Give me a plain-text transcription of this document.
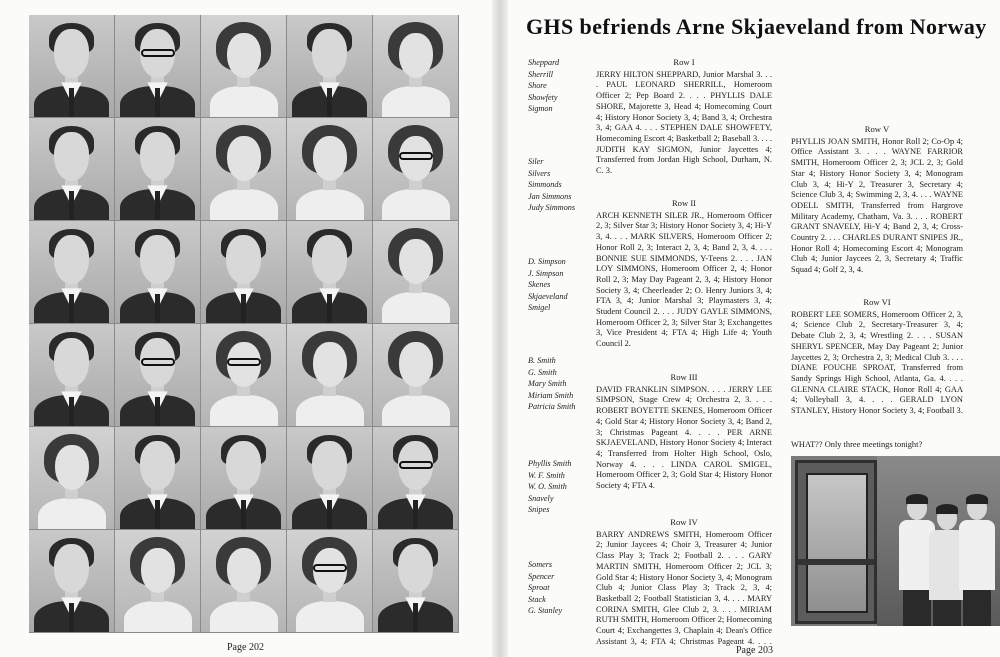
Page 202
GHS befriends Arne Skjaeveland from Norway
Sheppard
Sherrill
Shore
Showfety
Sigmon
Siler
Silvers
Simmonds
Jan Simmons
Judy Simmons
D. Simpson
J. Simpson
Skenes
Skjaeveland
Smigel
B. Smith
G. Smith
Mary Smith
Miriam Smith
Patricia Smith
Phyllis Smith
W. F. Smith
W. O. Smith
Snavely
Snipes
Somers
Spencer
Sproat
Stack
G. Stanley
Row I
JERRY HILTON SHEPPARD, Junior Marshal 3. . . . PAUL LEONARD SHERRILL, Homeroom Officer 2; Pep Board 2. . . . PHYLLIS DALE SHORE, Majorette 3, Head 4; Homecoming Court 4; History Honor Society 3, 4; Band 3, 4; Orchestra 3, 4; GAA 4. . . . STEPHEN DALE SHOWFETY, Homecoming Escort 4; Basketball 2; Baseball 3. . . . JUDITH KAY SIGMON, Junior Jaycettes 4; Transferred from Jordan High School, Durham, N. C. 3.
Row II
ARCH KENNETH SILER JR., Homeroom Officer 2, 3; Silver Star 3; History Honor Society 3, 4; Hi-Y 3, 4. . . . MARK SILVERS, Homeroom Officer 2; Honor Roll 2, 3; Interact 2, 3, 4; Band 2, 3, 4. . . . BONNIE SUE SIMMONDS, Y-Teens 2. . . . JAN LOY SIMMONS, Homeroom Officer 2, 4; Honor Roll 2, 3; May Day Pageant 2, 3, 4; History Honor Society 3, 4; Cheerleader 2; O. Henry Juniors 3, 4; FTA 3, 4; Junior Marshal 3; Playmasters 3, 4; Student Council 2. . . . JUDY GAYLE SIMMONS, Homeroom Officer 2, 3; Silver Star 3; Exchangettes 3, Vice President 4; FTA 4; High Life 4; Youth Council 2.
Row III
DAVID FRANKLIN SIMPSON. . . . JERRY LEE SIMPSON, Stage Crew 4; Orchestra 2, 3. . . . ROBERT BOYETTE SKENES, Homeroom Officer 4; Gold Star 4; History Honor Society 3, 4; Band 2, 3; Christmas Pageant 4. . . . PER ARNE SKJAEVELAND, History Honor Society 4; Interact 4; Transferred from Holter High School, Oslo, Norway 4. . . . LINDA CAROL SMIGEL, Homeroom Officer 2, 3; Gold Star 4; History Honor Society 4; FTA 4.
Row IV
BARRY ANDREWS SMITH, Homeroom Officer 2; Junior Jaycees 4; Choir 3, Treasurer 4; Junior Class Play 3; Track 2; Football 2. . . . GARY MARTIN SMITH, Homeroom Officer 2; JCL 3; Gold Star 4; History Honor Society 3, 4; Monogram Club 4; Junior Class Play 3; Track 2, 3, 4; Basketball 2; Football Statistician 3, 4. . . . MARY CORINA SMITH, Glee Club 2, 3. . . . MIRIAM RUTH SMITH, Homeroom Officer 2; Homecoming Court 4; Exchangettes 3, Chaplain 4; Dean's Office Assistant 3, 4; FTA 4; Christmas Pageant 4. . . .
Row V
PHYLLIS JOAN SMITH, Honor Roll 2; Co-Op 4; Office Assistant 3. . . . WAYNE FARRIOR SMITH, Homeroom Officer 2, 3; JCL 2, 3; Gold Star 4; History Honor Society 3, 4; Monogram Club 3, 4; Hi-Y 2, Treasurer 3, Secretary 4; Science Club 3, 4; Swimming 2, 3, 4. . . . WAYNE ODELL SMITH, Transferred from Hargrove Military Academy, Chatham, Va. 3. . . . ROBERT GRANT SNAVELY, Hi-Y 4; Band 2, 3, 4; Cross-Country 2. . . . CHARLES DURANT SNIPES JR., Honor Roll 4; Homecoming Escort 4; Monogram Club 4; Junior Jaycees 2, 3, Secretary 4; Traffic Squad 4; Golf 2, 3, 4.
Row VI
ROBERT LEE SOMERS, Homeroom Officer 2, 3, 4; Science Club 2, Secretary-Treasurer 3, 4; Debate Club 2, 3, 4; Wrestling 2. . . . SUSAN SHERYL SPENCER, May Day Pageant 2; Junior Jaycettes 2, 3; Orchestra 2, 3; Medical Club 3. . . . DIANE FOUCHE SPROAT, Transferred from Sandy Springs High School, Atlanta, Ga. 4. . . . GLENNA CLAIRE STACK, Honor Roll 4; GAA 4; Volleyball 3, 4. . . . GERALD LYON STANLEY, History Honor Society 3, 4; Football 3.
WHAT?? Only three meetings tonight?
Page 203
